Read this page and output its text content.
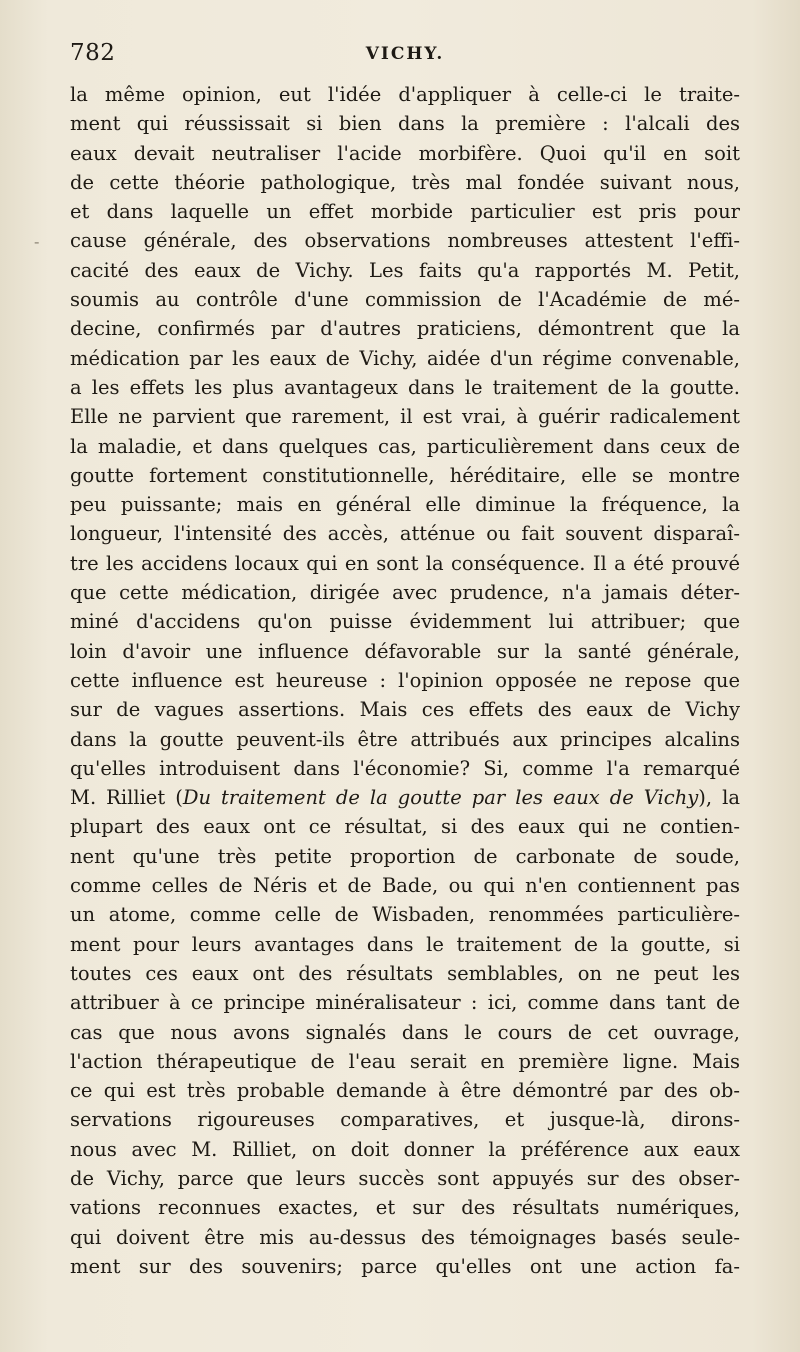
782	VICHY.
-
la même opinion, eut l'idée d'appliquer à celle-ci le traite-
ment qui réussissait si bien dans la première : l'alcali des
eaux devait neutraliser l'acide morbifère. Quoi qu'il en soit
de cette théorie pathologique, très mal fondée suivant nous,
et dans laquelle un effet morbide particulier est pris pour
cause générale, des observations nombreuses attestent l'effi-
cacité des eaux de Vichy. Les faits qu'a rapportés M. Petit,
soumis au contrôle d'une commission de l'Académie de mé-
decine, confirmés par d'autres praticiens, démontrent que la
médication par les eaux de Vichy, aidée d'un régime convenable,
a les effets les plus avantageux dans le traitement de la goutte.
Elle ne parvient que rarement, il est vrai, à guérir radicalement
la maladie, et dans quelques cas, particulièrement dans ceux de
goutte fortement constitutionnelle, héréditaire, elle se montre
peu puissante; mais en général elle diminue la fréquence, la
longueur, l'intensité des accès, atténue ou fait souvent disparaî-
tre les accidens locaux qui en sont la conséquence. Il a été prouvé
que cette médication, dirigée avec prudence, n'a jamais déter-
miné d'accidens qu'on puisse évidemment lui attribuer; que
loin d'avoir une influence défavorable sur la santé générale,
cette influence est heureuse : l'opinion opposée ne repose que
sur de vagues assertions. Mais ces effets des eaux de Vichy
dans la goutte peuvent-ils être attribués aux principes alcalins
qu'elles introduisent dans l'économie? Si, comme l'a remarqué
M. Rilliet (Du traitement de la goutte par les eaux de Vichy), la
plupart des eaux ont ce résultat, si des eaux qui ne contien-
nent qu'une très petite proportion de carbonate de soude,
comme celles de Néris et de Bade, ou qui n'en contiennent pas
un atome, comme celle de Wisbaden, renommées particulière-
ment pour leurs avantages dans le traitement de la goutte, si
toutes ces eaux ont des résultats semblables, on ne peut les
attribuer à ce principe minéralisateur : ici, comme dans tant de
cas que nous avons signalés dans le cours de cet ouvrage,
l'action thérapeutique de l'eau serait en première ligne. Mais
ce qui est très probable demande à être démontré par des ob-
servations rigoureuses comparatives, et jusque-là, dirons-
nous avec M. Rilliet, on doit donner la préférence aux eaux
de Vichy, parce que leurs succès sont appuyés sur des obser-
vations reconnues exactes, et sur des résultats numériques,
qui doivent être mis au-dessus des témoignages basés seule-
ment sur des souvenirs; parce qu'elles ont une action fa-
